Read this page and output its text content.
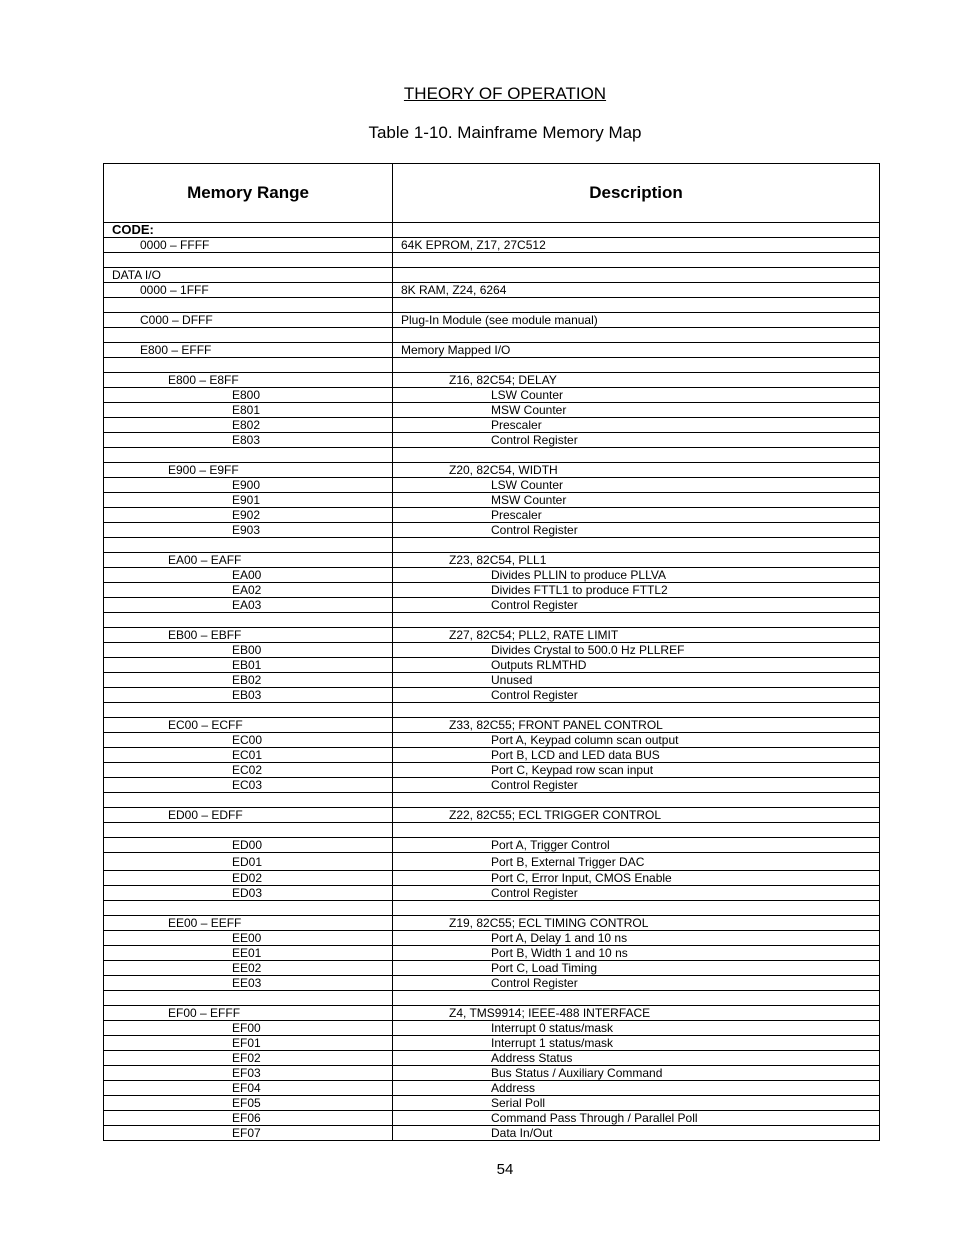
THEORY OF OPERATION
Table 1-10. Mainframe Memory Map
Memory Range	Description
CODE:	
0000 – FFFF	64K EPROM, Z17, 27C512

DATA I/O	
0000 – 1FFF	8K RAM, Z24, 6264

C000 – DFFF	Plug-In Module (see module manual)

E800 – EFFF	Memory Mapped I/O

E800 – E8FF	Z16, 82C54; DELAY
E800	LSW Counter
E801	MSW Counter
E802	Prescaler
E803	Control Register

E900 – E9FF	Z20, 82C54, WIDTH
E900	LSW Counter
E901	MSW Counter
E902	Prescaler
E903	Control Register

EA00 – EAFF	Z23, 82C54, PLL1
EA00	Divides PLLIN to produce PLLVA
EA02	Divides FTTL1 to produce FTTL2
EA03	Control Register

EB00 – EBFF	Z27, 82C54; PLL2, RATE LIMIT
EB00	Divides Crystal to 500.0 Hz PLLREF
EB01	Outputs RLMTHD
EB02	Unused
EB03	Control Register

EC00 – ECFF	Z33, 82C55; FRONT PANEL CONTROL
EC00	Port A, Keypad column scan output
EC01	Port B, LCD and LED data BUS
EC02	Port C, Keypad row scan input
EC03	Control Register

ED00 – EDFF	Z22, 82C55; ECL TRIGGER CONTROL

ED00	Port A, Trigger Control
ED01	Port B, External Trigger DAC
ED02	Port C, Error Input, CMOS Enable
ED03	Control Register

EE00 – EEFF	Z19, 82C55; ECL TIMING CONTROL
EE00	Port A, Delay 1 and 10 ns
EE01	Port B, Width 1 and 10 ns
EE02	Port C, Load Timing
EE03	Control Register

EF00 – EFFF	Z4, TMS9914; IEEE-488 INTERFACE
EF00	Interrupt 0 status/mask
EF01	Interrupt 1 status/mask
EF02	Address Status
EF03	Bus Status / Auxiliary Command
EF04	Address
EF05	Serial Poll
EF06	Command Pass Through / Parallel Poll
EF07	Data In/Out
54
